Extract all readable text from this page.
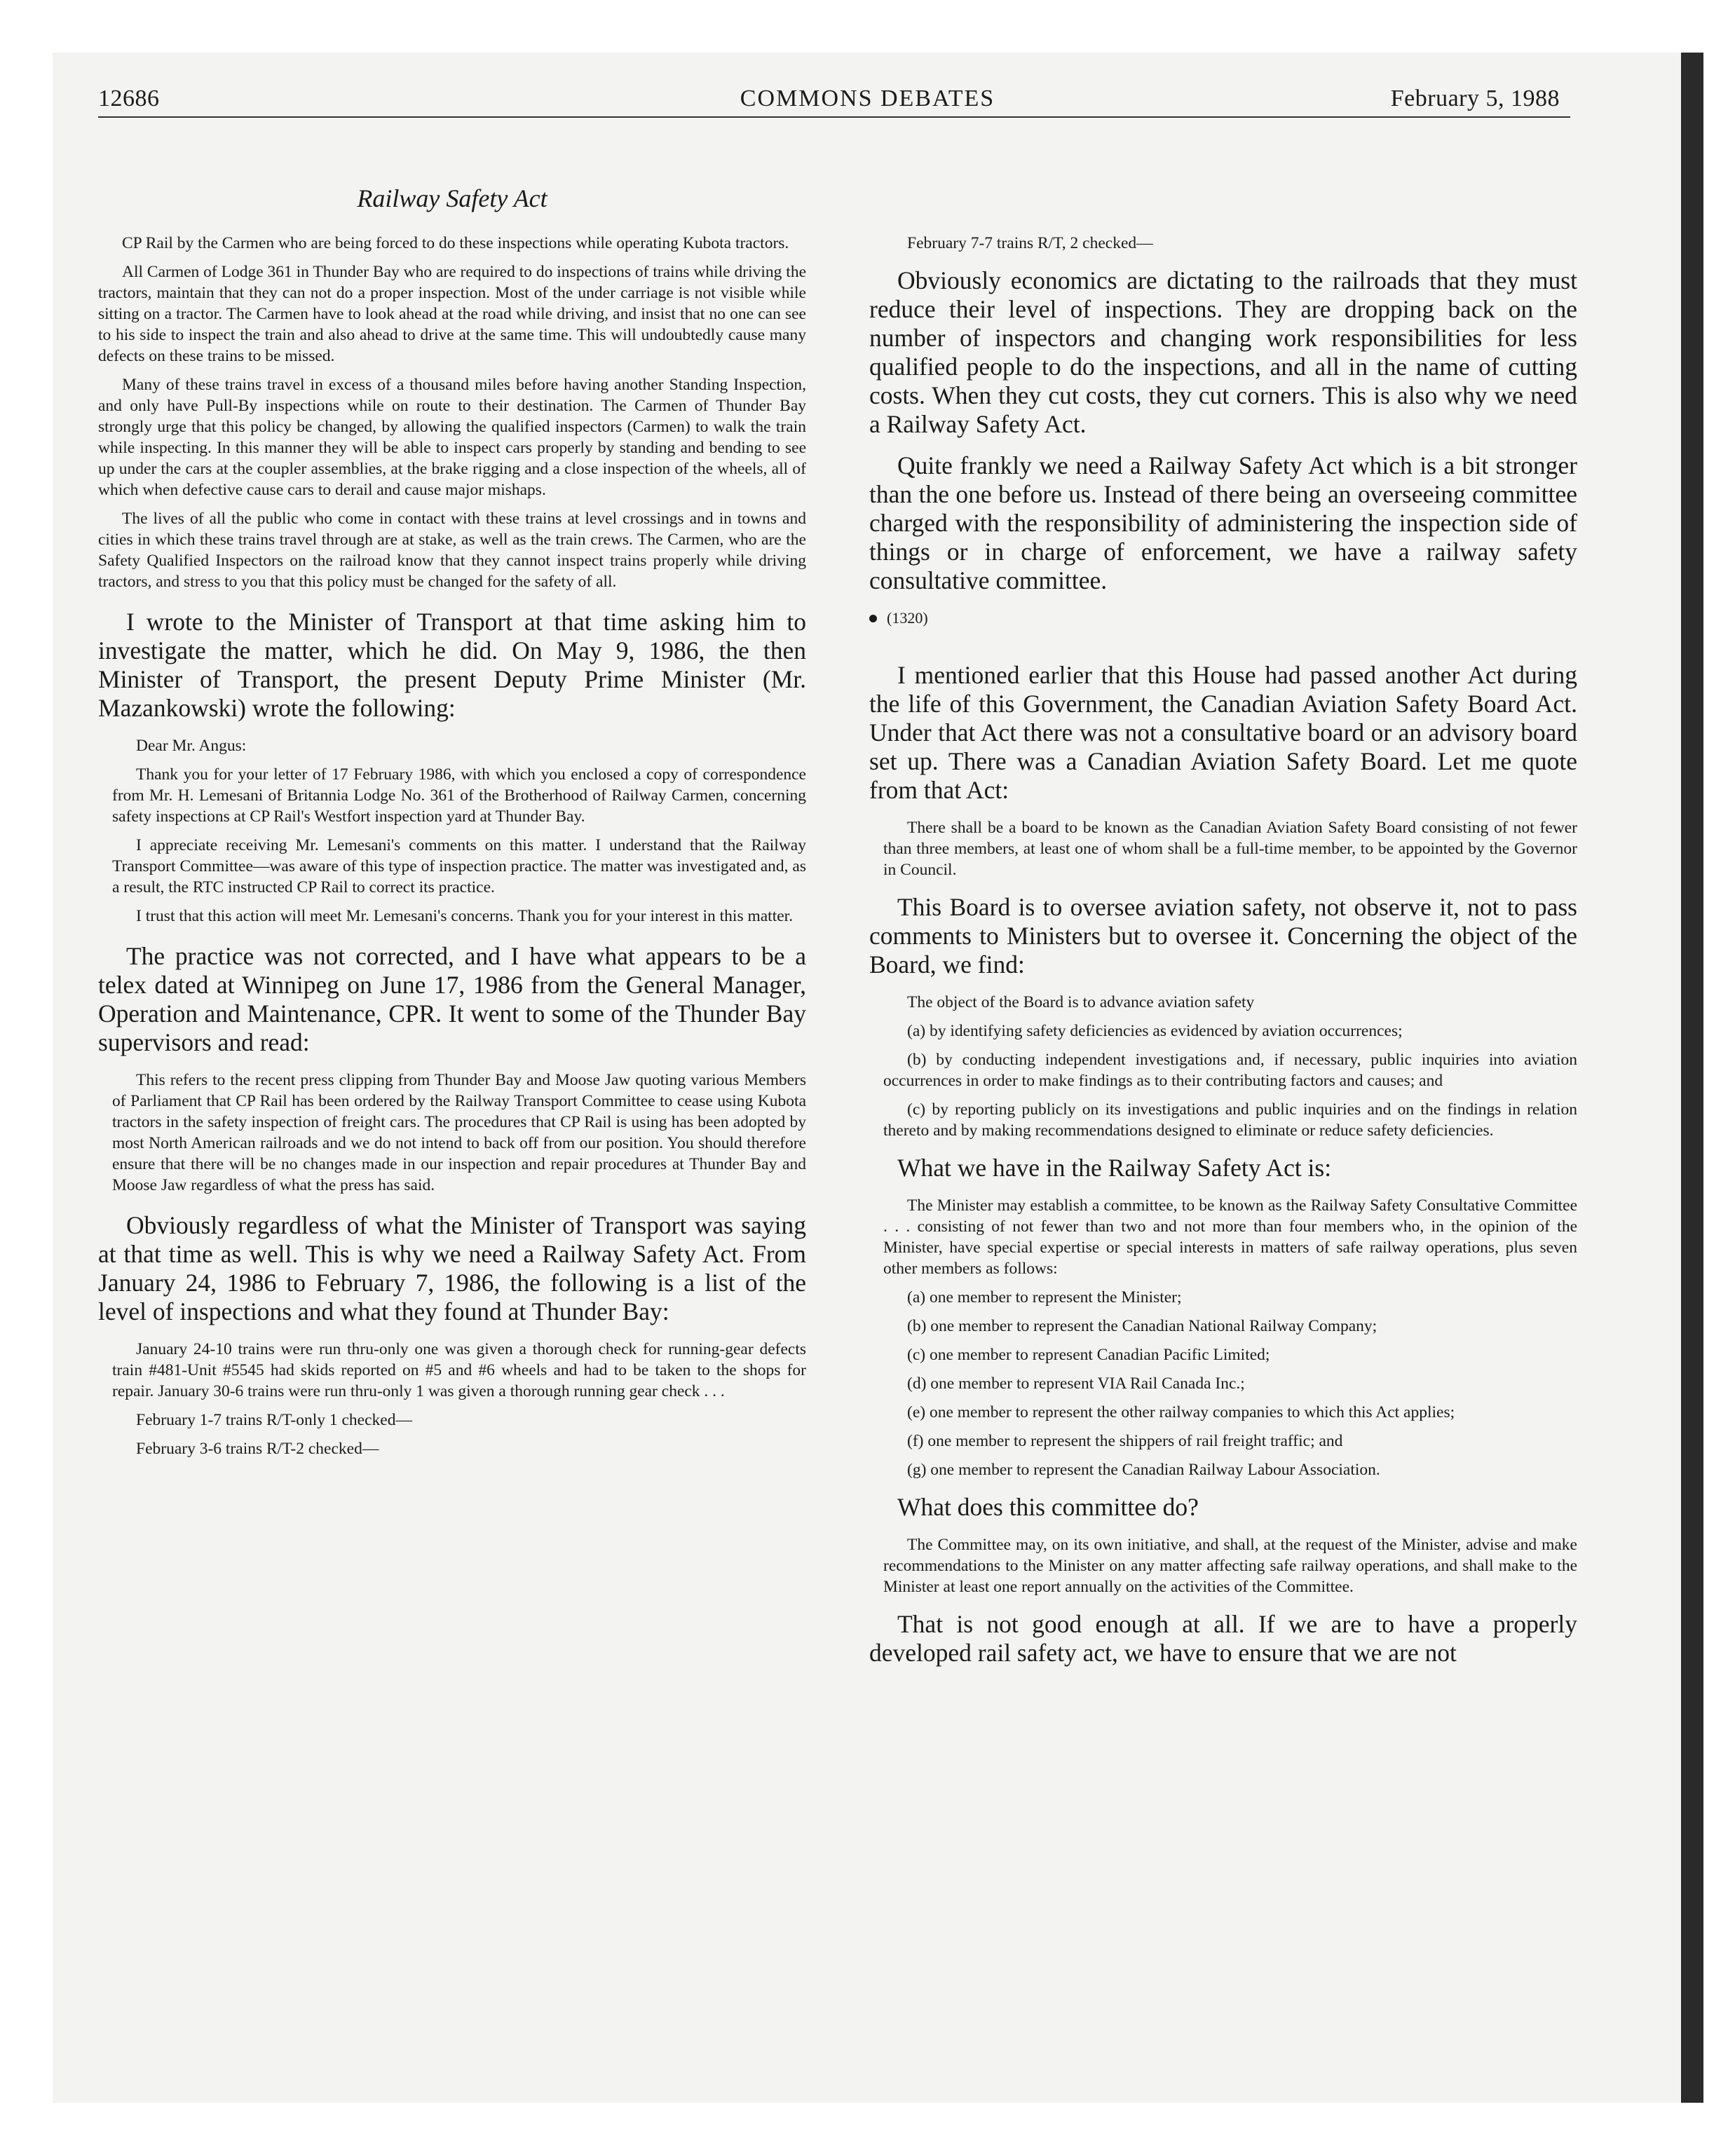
12686	COMMONS DEBATES	February 5, 1988
Railway Safety Act

CP Rail by the Carmen who are being forced to do these inspections while operating Kubota tractors.

All Carmen of Lodge 361 in Thunder Bay who are required to do inspections of trains while driving the tractors, maintain that they can not do a proper inspection. Most of the under carriage is not visible while sitting on a tractor. The Carmen have to look ahead at the road while driving, and insist that no one can see to his side to inspect the train and also ahead to drive at the same time. This will undoubtedly cause many defects on these trains to be missed.

Many of these trains travel in excess of a thousand miles before having another Standing Inspection, and only have Pull-By inspections while on route to their destination. The Carmen of Thunder Bay strongly urge that this policy be changed, by allowing the qualified inspectors (Carmen) to walk the train while inspecting. In this manner they will be able to inspect cars properly by standing and bending to see up under the cars at the coupler assemblies, at the brake rigging and a close inspection of the wheels, all of which when defective cause cars to derail and cause major mishaps.

The lives of all the public who come in contact with these trains at level crossings and in towns and cities in which these trains travel through are at stake, as well as the train crews. The Carmen, who are the Safety Qualified Inspectors on the railroad know that they cannot inspect trains properly while driving tractors, and stress to you that this policy must be changed for the safety of all.

I wrote to the Minister of Transport at that time asking him to investigate the matter, which he did. On May 9, 1986, the then Minister of Transport, the present Deputy Prime Minister (Mr. Mazankowski) wrote the following:

Dear Mr. Angus:

Thank you for your letter of 17 February 1986, with which you enclosed a copy of correspondence from Mr. H. Lemesani of Britannia Lodge No. 361 of the Brotherhood of Railway Carmen, concerning safety inspections at CP Rail's Westfort inspection yard at Thunder Bay.

I appreciate receiving Mr. Lemesani's comments on this matter. I understand that the Railway Transport Committee—was aware of this type of inspection practice. The matter was investigated and, as a result, the RTC instructed CP Rail to correct its practice.

I trust that this action will meet Mr. Lemesani's concerns. Thank you for your interest in this matter.

The practice was not corrected, and I have what appears to be a telex dated at Winnipeg on June 17, 1986 from the General Manager, Operation and Maintenance, CPR. It went to some of the Thunder Bay supervisors and read:

This refers to the recent press clipping from Thunder Bay and Moose Jaw quoting various Members of Parliament that CP Rail has been ordered by the Railway Transport Committee to cease using Kubota tractors in the safety inspection of freight cars. The procedures that CP Rail is using has been adopted by most North American railroads and we do not intend to back off from our position. You should therefore ensure that there will be no changes made in our inspection and repair procedures at Thunder Bay and Moose Jaw regardless of what the press has said.

Obviously regardless of what the Minister of Transport was saying at that time as well. This is why we need a Railway Safety Act. From January 24, 1986 to February 7, 1986, the following is a list of the level of inspections and what they found at Thunder Bay:

January 24-10 trains were run thru-only one was given a thorough check for running-gear defects train #481-Unit #5545 had skids reported on #5 and #6 wheels and had to be taken to the shops for repair. January 30-6 trains were run thru-only 1 was given a thorough running gear check . . .

February 1-7 trains R/T-only 1 checked—

February 3-6 trains R/T-2 checked—

February 7-7 trains R/T, 2 checked—

Obviously economics are dictating to the railroads that they must reduce their level of inspections. They are dropping back on the number of inspectors and changing work responsibilities for less qualified people to do the inspections, and all in the name of cutting costs. When they cut costs, they cut corners. This is also why we need a Railway Safety Act.

Quite frankly we need a Railway Safety Act which is a bit stronger than the one before us. Instead of there being an overseeing committee charged with the responsibility of administering the inspection side of things or in charge of enforcement, we have a railway safety consultative committee.

(1320)

I mentioned earlier that this House had passed another Act during the life of this Government, the Canadian Aviation Safety Board Act. Under that Act there was not a consultative board or an advisory board set up. There was a Canadian Aviation Safety Board. Let me quote from that Act:

There shall be a board to be known as the Canadian Aviation Safety Board consisting of not fewer than three members, at least one of whom shall be a full-time member, to be appointed by the Governor in Council.

This Board is to oversee aviation safety, not observe it, not to pass comments to Ministers but to oversee it. Concerning the object of the Board, we find:

The object of the Board is to advance aviation safety

(a) by identifying safety deficiencies as evidenced by aviation occurrences;

(b) by conducting independent investigations and, if necessary, public inquiries into aviation occurrences in order to make findings as to their contributing factors and causes; and

(c) by reporting publicly on its investigations and public inquiries and on the findings in relation thereto and by making recommendations designed to eliminate or reduce safety deficiencies.

What we have in the Railway Safety Act is:

The Minister may establish a committee, to be known as the Railway Safety Consultative Committee . . . consisting of not fewer than two and not more than four members who, in the opinion of the Minister, have special expertise or special interests in matters of safe railway operations, plus seven other members as follows:

(a) one member to represent the Minister;

(b) one member to represent the Canadian National Railway Company;

(c) one member to represent Canadian Pacific Limited;

(d) one member to represent VIA Rail Canada Inc.;

(e) one member to represent the other railway companies to which this Act applies;

(f) one member to represent the shippers of rail freight traffic; and

(g) one member to represent the Canadian Railway Labour Association.

What does this committee do?

The Committee may, on its own initiative, and shall, at the request of the Minister, advise and make recommendations to the Minister on any matter affecting safe railway operations, and shall make to the Minister at least one report annually on the activities of the Committee.

That is not good enough at all. If we are to have a properly developed rail safety act, we have to ensure that we are not
